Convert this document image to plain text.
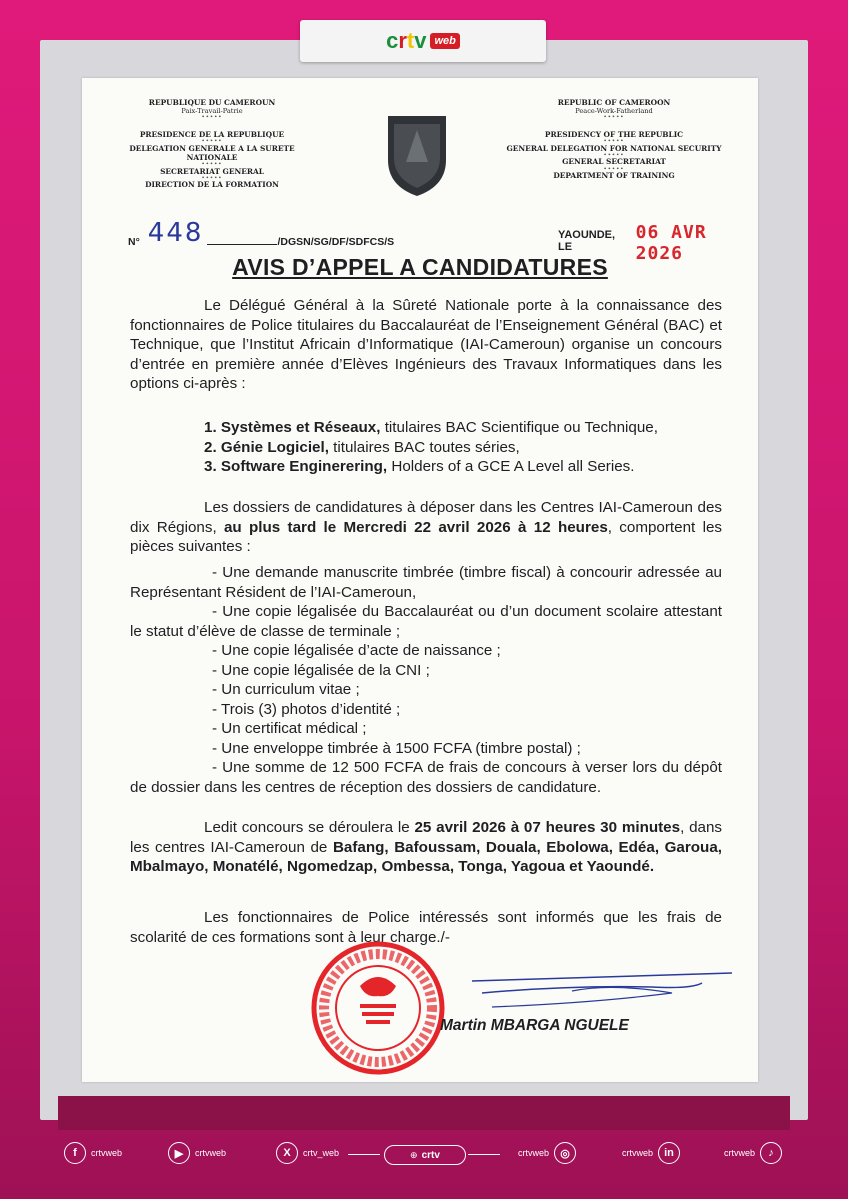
c r t v web
REPUBLIQUE DU CAMEROUN
Paix-Travail-Patrie
•••••
PRESIDENCE DE LA REPUBLIQUE
•••••
DELEGATION GENERALE A LA SURETE NATIONALE
•••••
SECRETARIAT GENERAL
•••••
DIRECTION DE LA FORMATION
REPUBLIC OF CAMEROON
Peace-Work-Fatherland
•••••
PRESIDENCY OF THE REPUBLIC
•••••
GENERAL DELEGATION FOR NATIONAL SECURITY
•••••
GENERAL SECRETARIAT
•••••
DEPARTMENT OF TRAINING
N° 448	/DGSN/SG/DF/SDFCS/S
YAOUNDE, LE
06 AVR 2026
AVIS D’APPEL A CANDIDATURES
Le Délégué Général à la Sûreté Nationale porte à la connaissance des fonctionnaires de Police titulaires du Baccalauréat de l’Enseignement Général (BAC) et Technique, que l’Institut Africain d’Informatique (IAI-Cameroun) organise un concours d’entrée en première année d’Elèves Ingénieurs des Travaux Informatiques dans les options ci-après :
1. Systèmes et Réseaux, titulaires BAC Scientifique ou Technique,
2. Génie Logiciel, titulaires BAC toutes séries,
3. Software Enginerering, Holders of a GCE A Level all Series.
Les dossiers de candidatures à déposer dans les Centres IAI-Cameroun des dix Régions, au plus tard le Mercredi 22 avril 2026 à 12 heures, comportent les pièces suivantes :
- Une demande manuscrite timbrée (timbre fiscal) à concourir adressée au Représentant Résident de l’IAI-Cameroun,
- Une copie légalisée du Baccalauréat ou d’un document scolaire attestant le statut d’élève de classe de terminale ;
- Une copie légalisée d’acte de naissance ;
- Une copie légalisée de la CNI ;
- Un curriculum vitae ;
- Trois (3) photos d’identité ;
- Un certificat médical ;
- Une enveloppe timbrée à 1500 FCFA (timbre postal) ;
- Une somme de 12 500 FCFA de frais de concours à verser lors du dépôt de dossier dans les centres de réception des dossiers de candidature.
Ledit concours se déroulera le 25 avril 2026 à 07 heures 30 minutes, dans les centres IAI-Cameroun de Bafang, Bafoussam, Douala, Ebolowa, Edéa, Garoua, Mbalmayo, Monatélé, Ngomedzap, Ombessa, Tonga, Yagoua et Yaoundé.
Les fonctionnaires de Police intéressés sont informés que les frais de scolarité de ces formations sont à leur charge./-
Martin MBARGA NGUELE
f	crtvweb	▶	crtvweb	X	crtv_web	⊕ crtv	crtvweb	◎	crtvweb	in	crtvweb	♪
